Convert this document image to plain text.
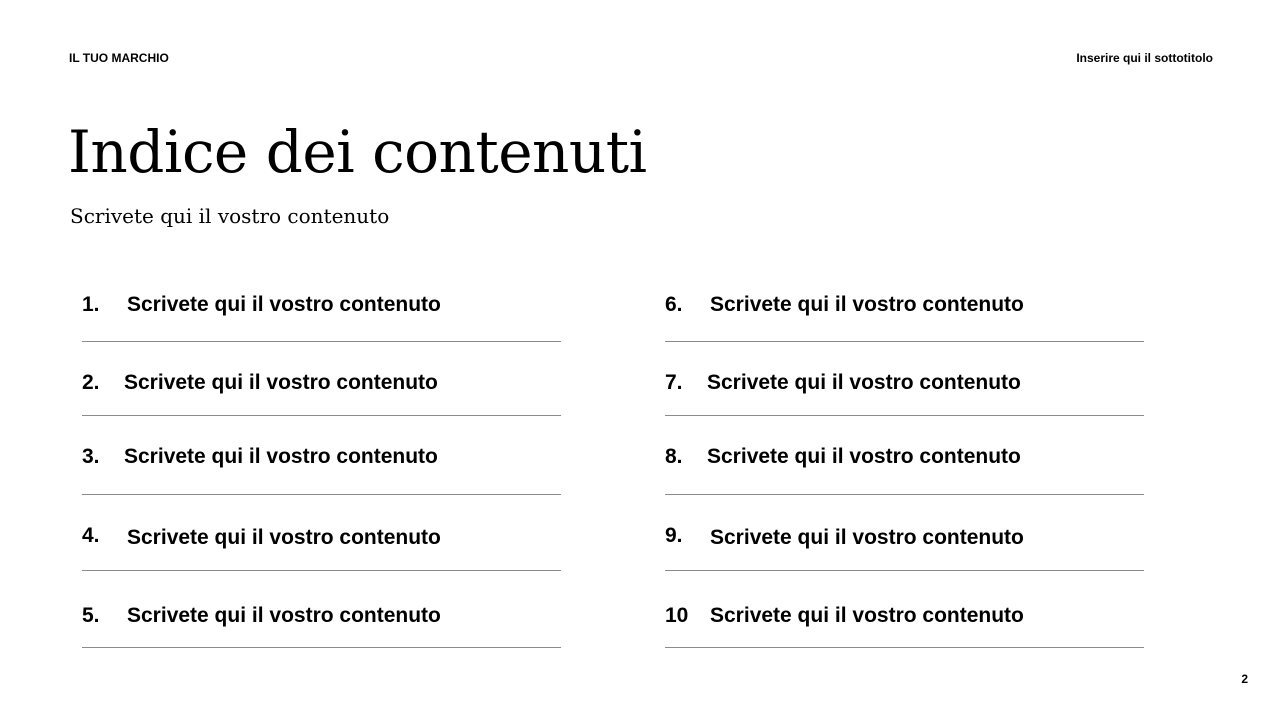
IL TUO MARCHIO	Inserire qui il sottotitolo
Indice dei contenuti
Scrivete qui il vostro contenuto
1. Scrivete qui il vostro contenuto
2. Scrivete qui il vostro contenuto
3. Scrivete qui il vostro contenuto
4. Scrivete qui il vostro contenuto
5. Scrivete qui il vostro contenuto
6. Scrivete qui il vostro contenuto
7. Scrivete qui il vostro contenuto
8. Scrivete qui il vostro contenuto
9. Scrivete qui il vostro contenuto
10 Scrivete qui il vostro contenuto
2
